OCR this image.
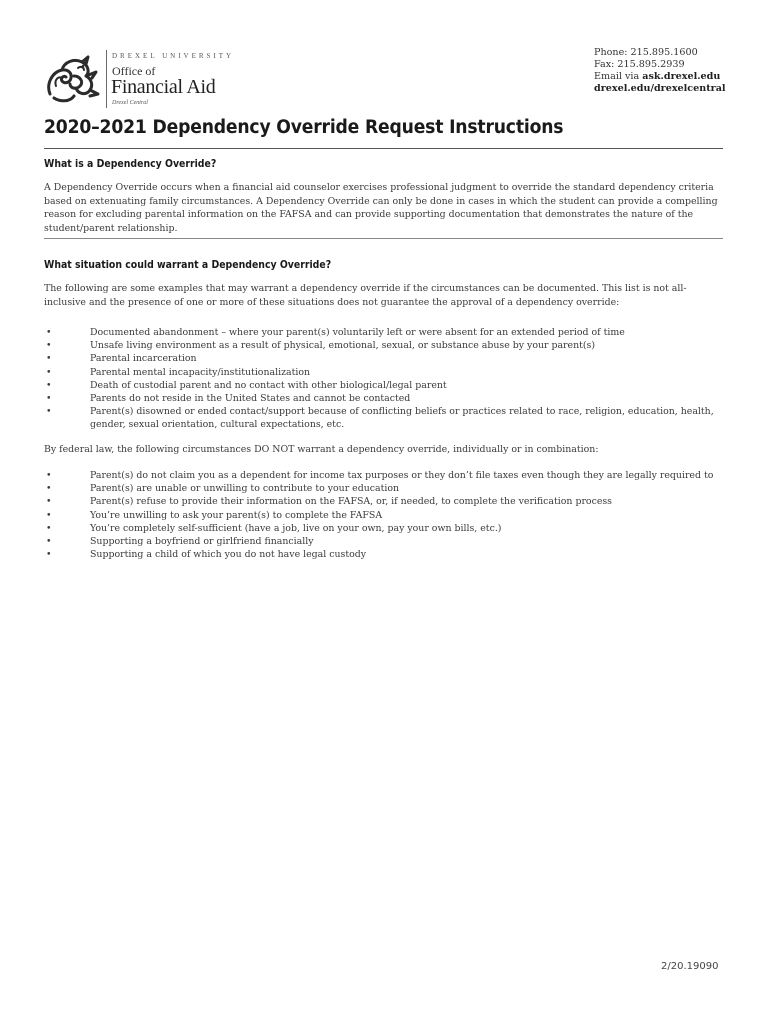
DREXEL UNIVERSITY
Office of
Financial Aid
Drexel Central
Phone: 215.895.1600
Fax: 215.895.2939
Email via ask.drexel.edu
drexel.edu/drexelcentral
2020–2021 Dependency Override Request Instructions
What is a Dependency Override?
A Dependency Override occurs when a financial aid counselor exercises professional judgment to override the standard dependency criteria based on extenuating family circumstances. A Dependency Override can only be done in cases in which the student can provide a compelling reason for excluding parental information on the FAFSA and can provide supporting documentation that demonstrates the nature of the student/parent relationship.
What situation could warrant a Dependency Override?
The following are some examples that may warrant a dependency override if the circumstances can be documented. This list is not all-inclusive and the presence of one or more of these situations does not guarantee the approval of a dependency override:
•	Documented abandonment – where your parent(s) voluntarily left or were absent for an extended period of time
•	Unsafe living environment as a result of physical, emotional, sexual, or substance abuse by your parent(s)
•	Parental incarceration
•	Parental mental incapacity/institutionalization
•	Death of custodial parent and no contact with other biological/legal parent
•	Parents do not reside in the United States and cannot be contacted
•	Parent(s) disowned or ended contact/support because of conflicting beliefs or practices related to race, religion, education, health, gender, sexual orientation, cultural expectations, etc.
By federal law, the following circumstances DO NOT warrant a dependency override, individually or in combination:
•	Parent(s) do not claim you as a dependent for income tax purposes or they don’t file taxes even though they are legally required to
•	Parent(s) are unable or unwilling to contribute to your education
•	Parent(s) refuse to provide their information on the FAFSA, or, if needed, to complete the verification process
•	You’re unwilling to ask your parent(s) to complete the FAFSA
•	You’re completely self-sufficient (have a job, live on your own, pay your own bills, etc.)
•	Supporting a boyfriend or girlfriend financially
•	Supporting a child of which you do not have legal custody
2/20.19090
